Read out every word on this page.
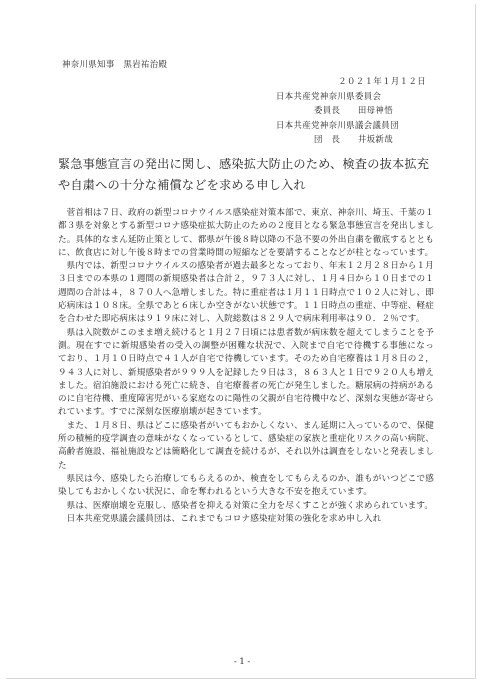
神奈川県知事　黒岩祐治殿
２０２１年１月１２日
日本共産党神奈川県委員会
委員長　　田母神悟
日本共産党神奈川県議会議員団
団　長　　井坂新哉
緊急事態宣言の発出に関し、感染拡大防止のため、検査の抜本拡充や自粛への十分な補償などを求める申し入れ

菅首相は７日、政府の新型コロナウイルス感染症対策本部で、東京、神奈川、埼玉、千葉の１都３県を対象とする新型コロナ感染症拡大防止のための２度目となる緊急事態宣言を発出しました。具体的なまん延防止策として、都県が午後８時以降の不急不要の外出自粛を徹底するとともに、飲食店に対し午後８時までの営業時間の短縮などを要請することなどが柱となっています。

県内では、新型コロナウイルスの感染者が過去最多となっており、年末１２月２８日から１月３日までの本県の１週間の新規感染者は合計２，９７３人に対し、１月４日から１０日までの１週間の合計は４，８７０人へ急増しました。特に重症者は１月１１日時点で１０２人に対し、即応病床は１０８床。全県であと６床しか空きがない状態です。１１日時点の重症、中等症、軽症を合わせた即応病床は９１９床に対し、入院総数は８２９人で病床利用率は９０．２％です。

県は入院数がこのまま増え続けると１月２７日頃には患者数が病床数を超えてしまうことを予測。現在すでに新規感染者の受入の調整が困難な状況で、入院まで自宅で待機する事態になっており、１月１０日時点で４１人が自宅で待機しています。そのため自宅療養は１月８日の２，９４３人に対し、新規感染者が９９９人を記録した９日は３，８６３人と１日で９２０人も増えました。宿泊施設における死亡に続き、自宅療養者の死亡が発生しました。糖尿病の持病があるのに自宅待機、重度障害児がいる家庭なのに陽性の父親が自宅待機中など、深刻な実態が寄せられています。すでに深刻な医療崩壊が起きています。

また、１月８日、県はどこに感染者がいてもおかしくない、まん延期に入っているので、保健所の積極的疫学調査の意味がなくなっているとして、感染症の家族と重症化リスクの高い病院、高齢者施設、福祉施設などは簡略化して調査を続けるが、それ以外は調査をしないと発表しました

県民は今、感染したら治療してもらえるのか、検査をしてもらえるのか、誰もがいつどこで感染してもおかしくない状況に、命を奪われるという大きな不安を抱えています。

県は、医療崩壊を克服し、感染者を抑える対策に全力を尽くすことが強く求められています。

日本共産党県議会議員団は、これまでもコロナ感染症対策の強化を求め申し入れ

- 1 -
